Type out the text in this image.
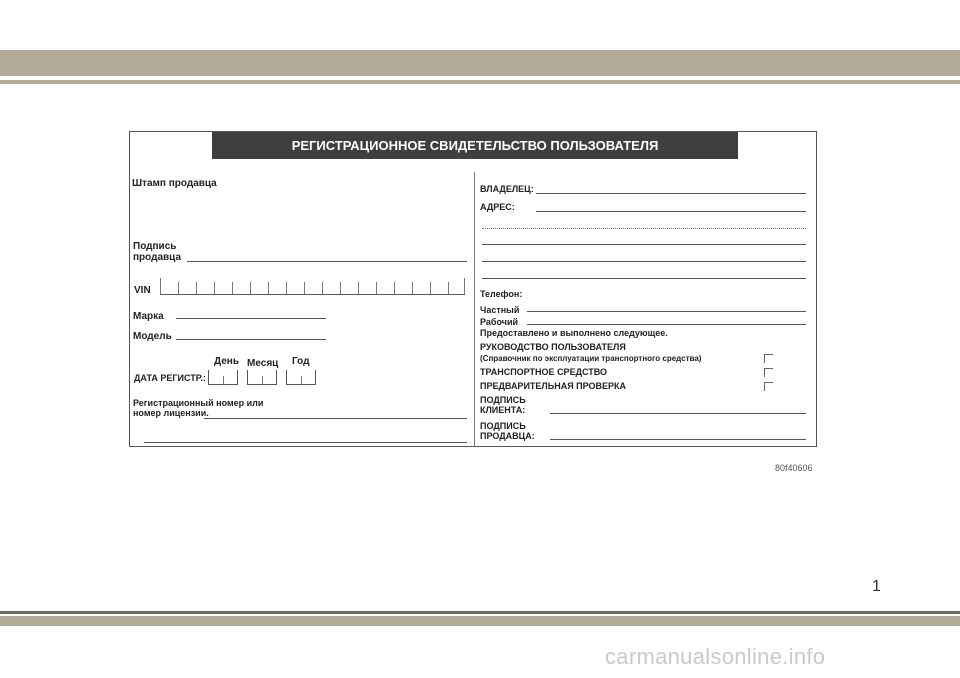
РЕГИСТРАЦИОННОЕ СВИДЕТЕЛЬСТВО ПОЛЬЗОВАТЕЛЯ
Штамп продавца
Подпись
продавца
VIN
Марка
Модель
День Месяц Год
ДАТА РЕГИСТР.:
Регистрационный номер или
номер лицензии.
ВЛАДЕЛЕЦ:
АДРЕС:
Телефон:
Частный
Рабочий
Предоставлено и выполнено следующее.
РУКОВОДСТВО ПОЛЬЗОВАТЕЛЯ
(Справочник по эксплуатации транспортного средства)
ТРАНСПОРТНОЕ СРЕДСТВО
ПРЕДВАРИТЕЛЬНАЯ ПРОВЕРКА
ПОДПИСЬ
КЛИЕНТА:
ПОДПИСЬ
ПРОДАВЦА:
80f40606
1
carmanualsonline.info
